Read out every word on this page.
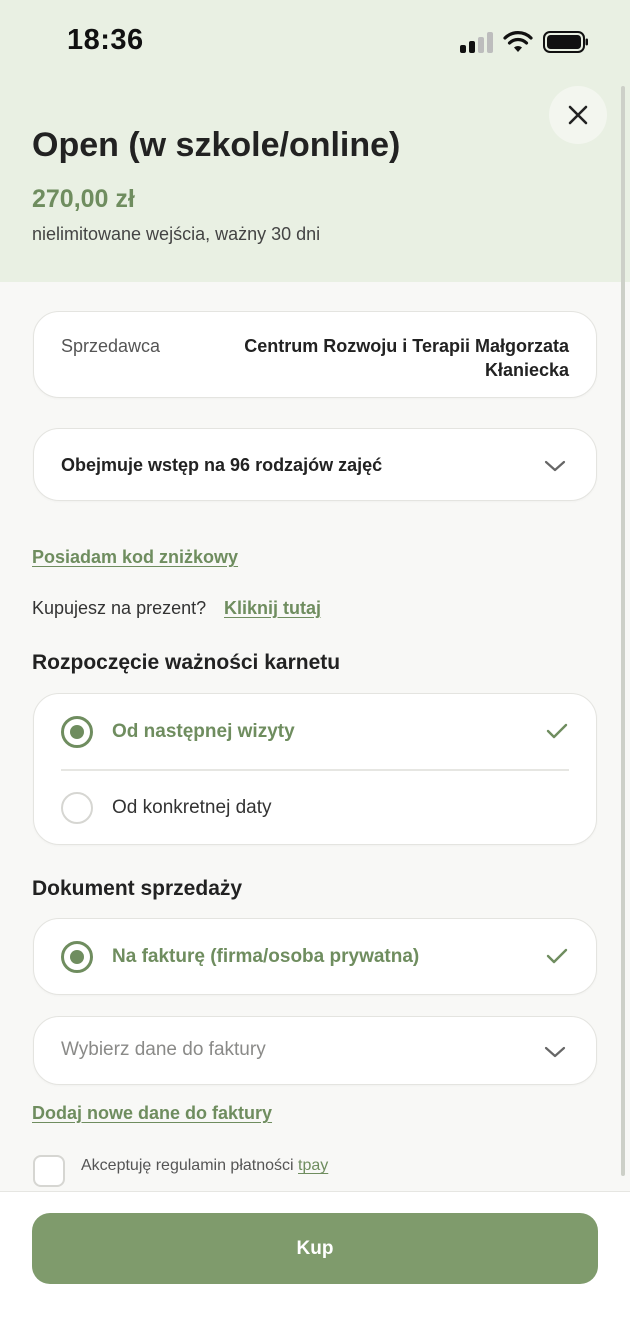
18:36
Open (w szkole/online)
270,00 zł
nielimitowane wejścia, ważny 30 dni
Sprzedawca	Centrum Rozwoju i Terapii Małgorzata Kłaniecka
Obejmuje wstęp na 96 rodzajów zajęć
Posiadam kod zniżkowy
Kupujesz na prezent? Kliknij tutaj
Rozpoczęcie ważności karnetu
Od następnej wizyty
Od konkretnej daty
Dokument sprzedaży
Na fakturę (firma/osoba prywatna)
Wybierz dane do faktury
Dodaj nowe dane do faktury
Akceptuję regulamin płatności tpay
Kup
